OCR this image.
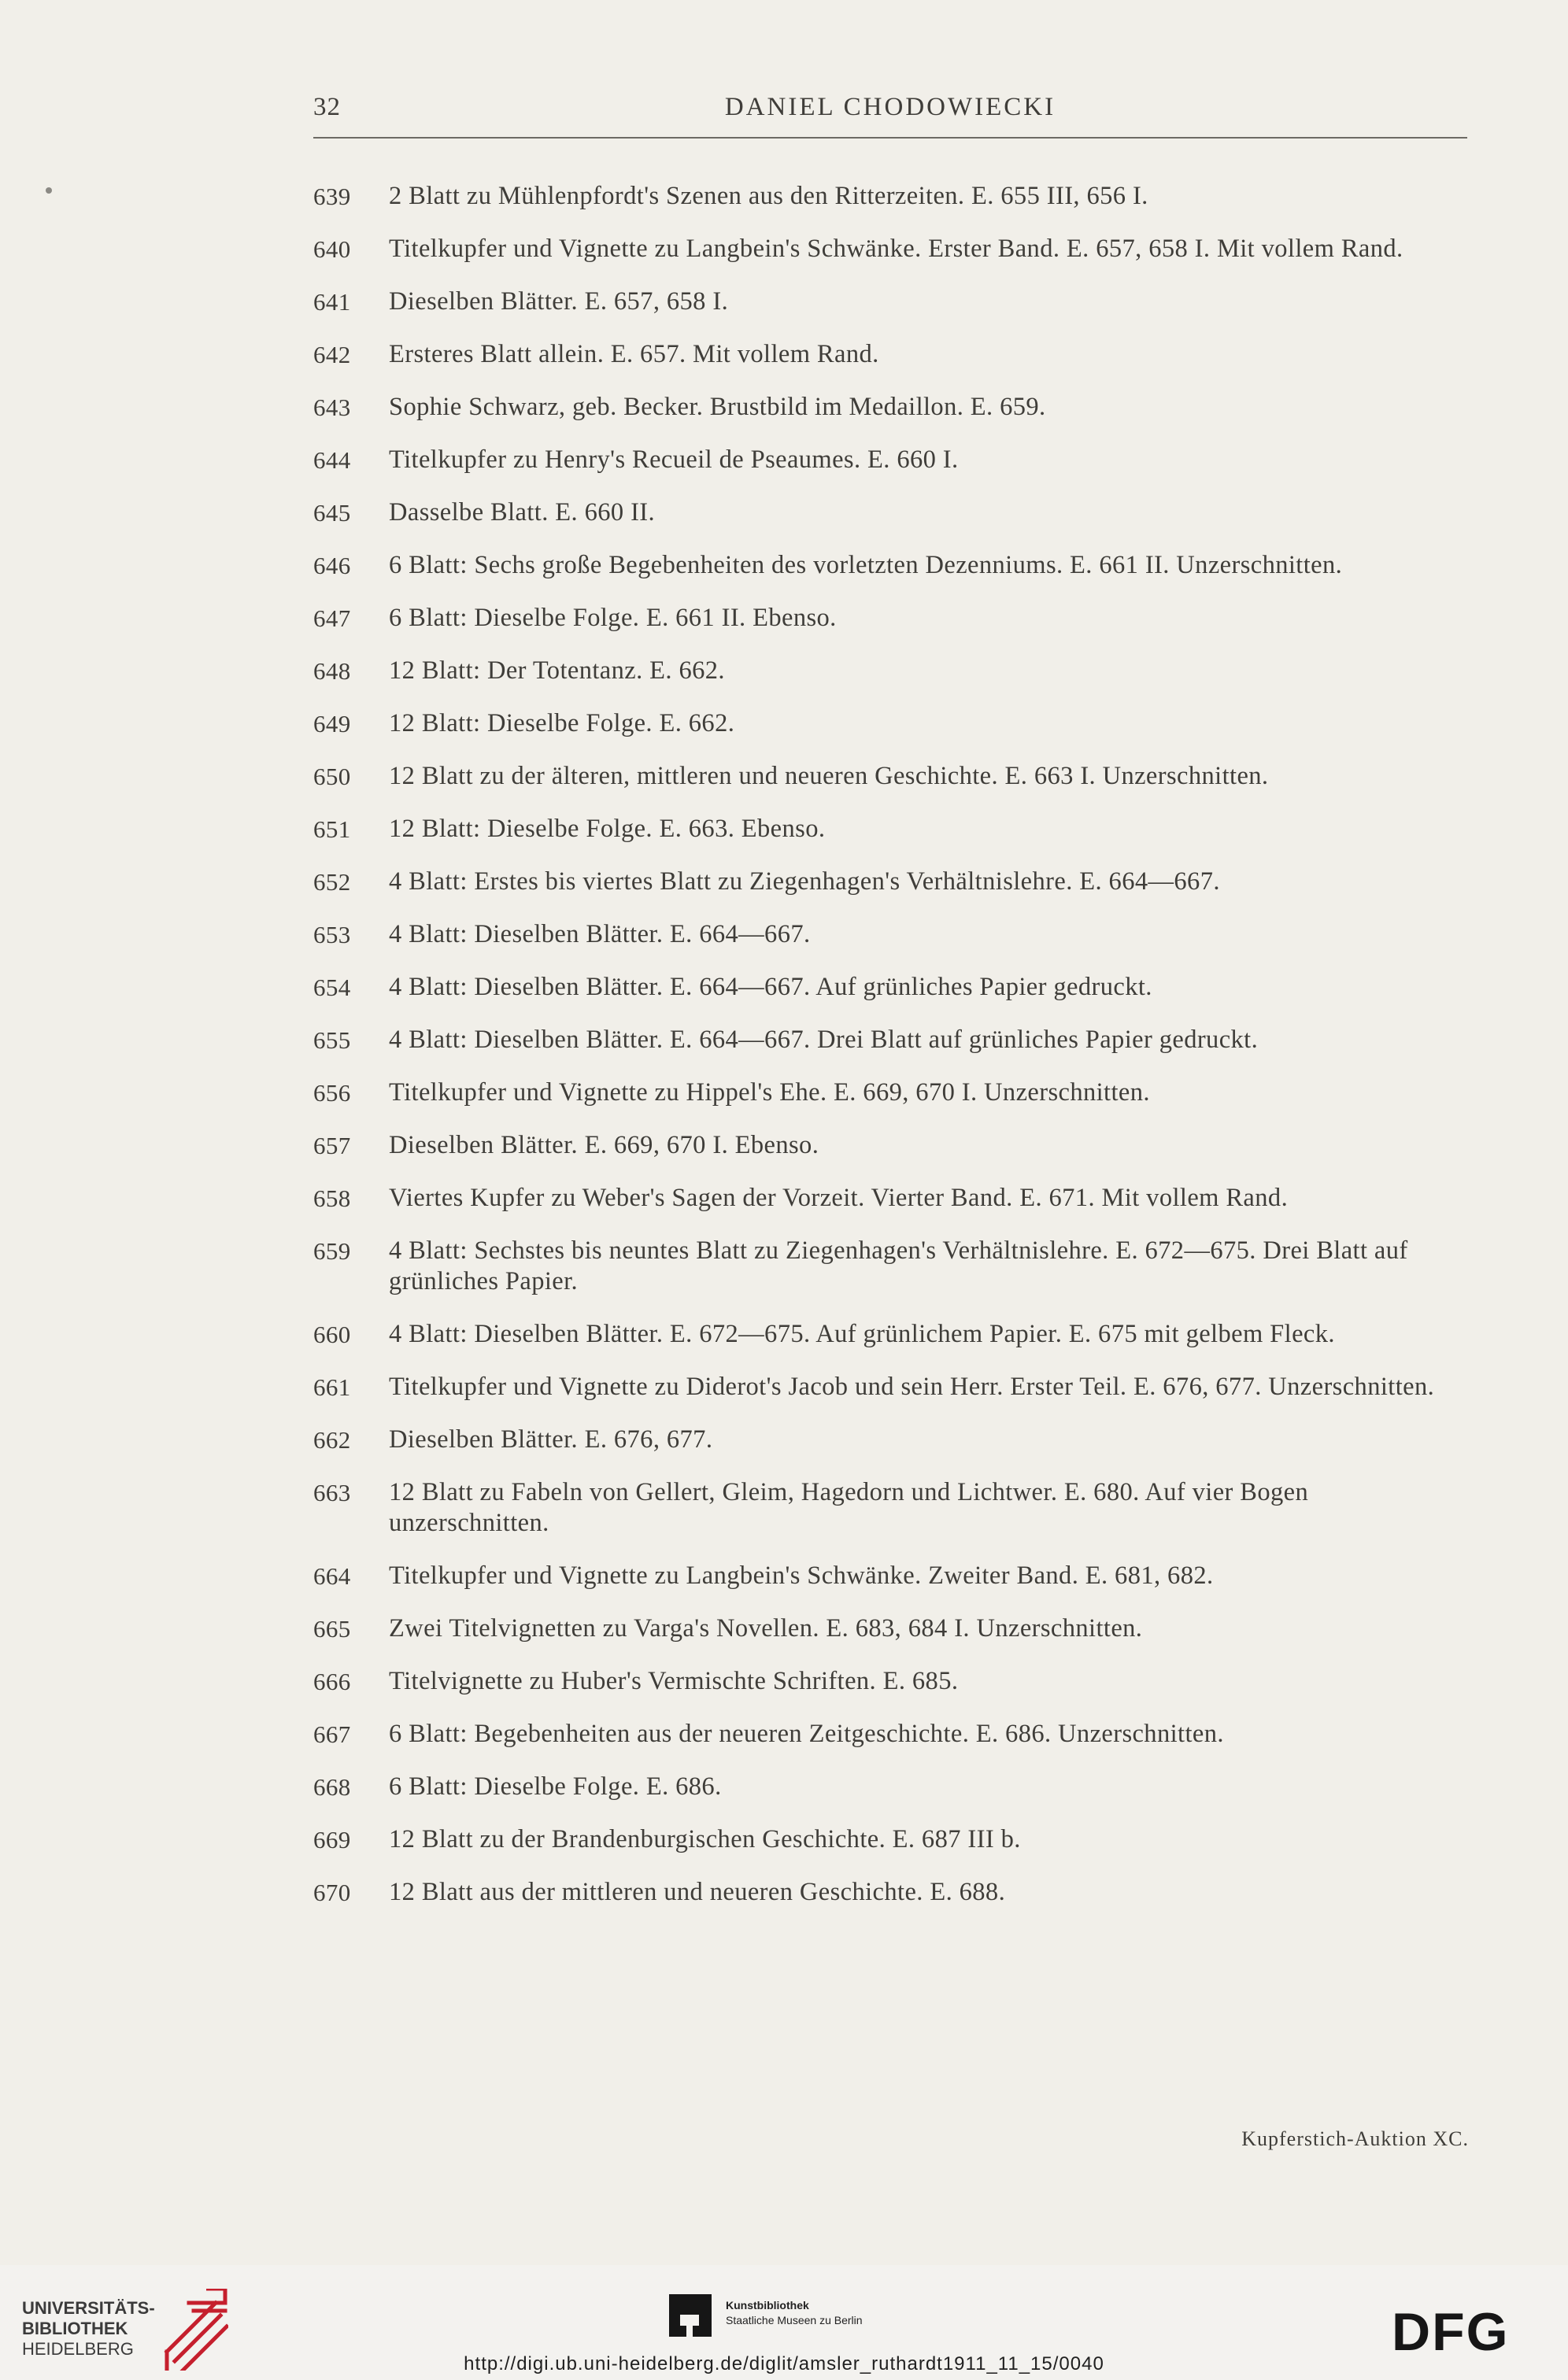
32	DANIEL CHODOWIECKI
639	2 Blatt zu Mühlenpfordt's Szenen aus den Ritterzeiten. E. 655 III, 656 I.
640	Titelkupfer und Vignette zu Langbein's Schwänke. Erster Band. E. 657, 658 I. Mit vollem Rand.
641	Dieselben Blätter. E. 657, 658 I.
642	Ersteres Blatt allein. E. 657. Mit vollem Rand.
643	Sophie Schwarz, geb. Becker. Brustbild im Medaillon. E. 659.
644	Titelkupfer zu Henry's Recueil de Pseaumes. E. 660 I.
645	Dasselbe Blatt. E. 660 II.
646	6 Blatt: Sechs große Begebenheiten des vorletzten Dezenniums. E. 661 II. Unzerschnitten.
647	6 Blatt: Dieselbe Folge. E. 661 II. Ebenso.
648	12 Blatt: Der Totentanz. E. 662.
649	12 Blatt: Dieselbe Folge. E. 662.
650	12 Blatt zu der älteren, mittleren und neueren Geschichte. E. 663 I. Unzerschnitten.
651	12 Blatt: Dieselbe Folge. E. 663. Ebenso.
652	4 Blatt: Erstes bis viertes Blatt zu Ziegenhagen's Verhältnislehre. E. 664—667.
653	4 Blatt: Dieselben Blätter. E. 664—667.
654	4 Blatt: Dieselben Blätter. E. 664—667. Auf grünliches Papier gedruckt.
655	4 Blatt: Dieselben Blätter. E. 664—667. Drei Blatt auf grünliches Papier gedruckt.
656	Titelkupfer und Vignette zu Hippel's Ehe. E. 669, 670 I. Unzerschnitten.
657	Dieselben Blätter. E. 669, 670 I. Ebenso.
658	Viertes Kupfer zu Weber's Sagen der Vorzeit. Vierter Band. E. 671. Mit vollem Rand.
659	4 Blatt: Sechstes bis neuntes Blatt zu Ziegenhagen's Verhältnislehre. E. 672—675. Drei Blatt auf grünliches Papier.
660	4 Blatt: Dieselben Blätter. E. 672—675. Auf grünlichem Papier. E. 675 mit gelbem Fleck.
661	Titelkupfer und Vignette zu Diderot's Jacob und sein Herr. Erster Teil. E. 676, 677. Unzerschnitten.
662	Dieselben Blätter. E. 676, 677.
663	12 Blatt zu Fabeln von Gellert, Gleim, Hagedorn und Lichtwer. E. 680. Auf vier Bogen unzerschnitten.
664	Titelkupfer und Vignette zu Langbein's Schwänke. Zweiter Band. E. 681, 682.
665	Zwei Titelvignetten zu Varga's Novellen. E. 683, 684 I. Unzerschnitten.
666	Titelvignette zu Huber's Vermischte Schriften. E. 685.
667	6 Blatt: Begebenheiten aus der neueren Zeitgeschichte. E. 686. Unzerschnitten.
668	6 Blatt: Dieselbe Folge. E. 686.
669	12 Blatt zu der Brandenburgischen Geschichte. E. 687 III b.
670	12 Blatt aus der mittleren und neueren Geschichte. E. 688.
Kupferstich-Auktion XC.
UNIVERSITÄTS-
BIBLIOTHEK
HEIDELBERG
Kunstbibliothek
Staatliche Museen zu Berlin	DFG
http://digi.ub.uni-heidelberg.de/diglit/amsler_ruthardt1911_11_15/0040
